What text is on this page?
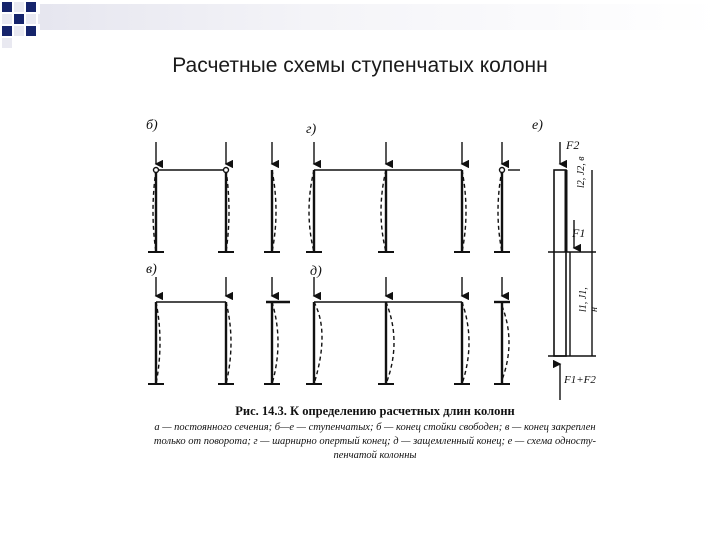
Расчетные схемы ступенчатых колонн
б)	г)	е)
в)	д)
F2
F1
F1+F2
l2, J2, в
l1, J1, н
Рис. 14.3. К определению расчетных длин колонн
а — постоянного сечения; б—е — ступенчатых; б — конец стойки свободен; в — конец закреплен только от поворота; г — шарнирно опертый конец; д — защемленный конец; е — схема односту- пенчатой колонны
